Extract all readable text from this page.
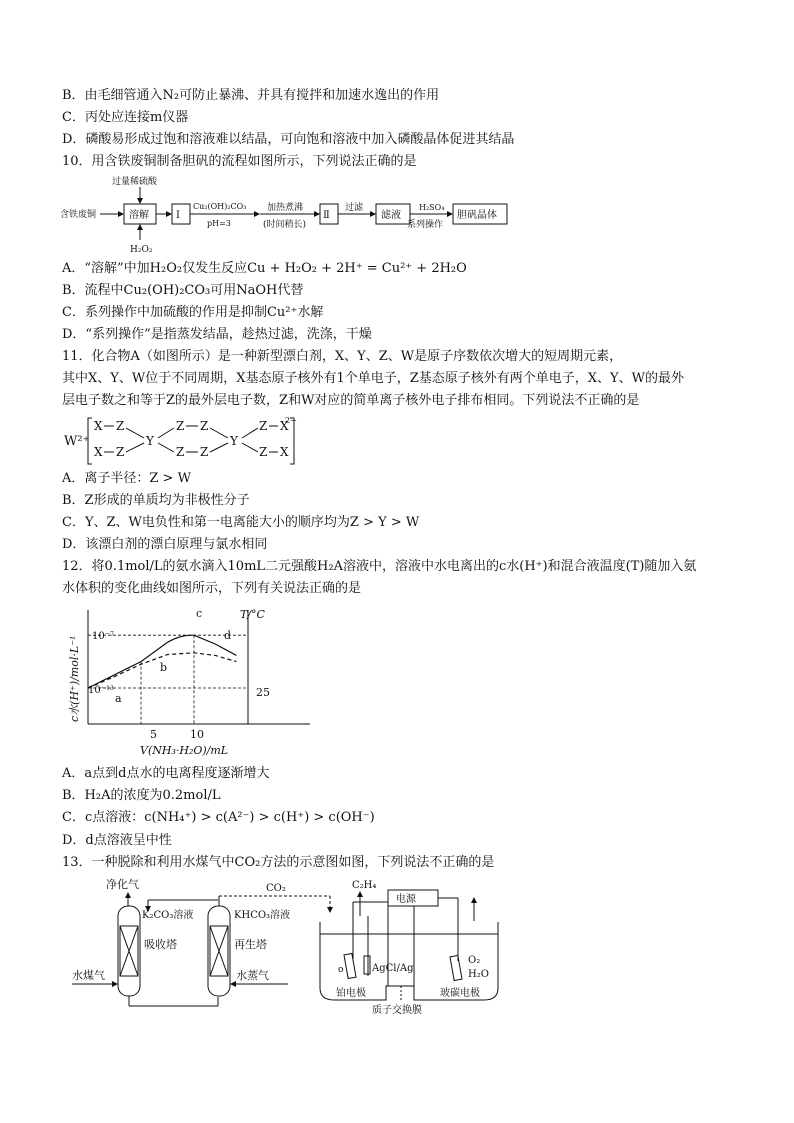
B．由毛细管通入N₂可防止暴沸、并具有搅拌和加速水逸出的作用
C．丙处应连接m仪器
D．磷酸易形成过饱和溶液难以结晶，可向饱和溶液中加入磷酸晶体促进其结晶
10．用含铁废铜制备胆矾的流程如图所示，下列说法正确的是
含铁废铜
过量稀硫酸
溶解
H₂O₂
Ⅰ
Cu₂(OH)₂CO₃
pH=3
加热煮沸
(时间稍长)
Ⅱ
过滤
滤液
H₂SO₄
系列操作
胆矾晶体
A．“溶解”中加H₂O₂仅发生反应Cu + H₂O₂ + 2H⁺ = Cu²⁺ + 2H₂O
B．流程中Cu₂(OH)₂CO₃可用NaOH代替
C．系列操作中加硫酸的作用是抑制Cu²⁺水解
D．“系列操作”是指蒸发结晶，趁热过滤，洗涤，干燥
11．化合物A（如图所示）是一种新型漂白剂，X、Y、Z、W是原子序数依次增大的短周期元素，
其中X、Y、W位于不同周期，X基态原子核外有1个单电子，Z基态原子核外有两个单电子，X、Y、W的最外
层电子数之和等于Z的最外层电子数，Z和W对应的简单离子核外电子排布相同。下列说法不正确的是
W²⁺
X Z
X Z
Y
Z Z
Z Z
Y
Z X
Z X
2−
A．离子半径：Z > W
B．Z形成的单质均为非极性分子
C．Y、Z、W电负性和第一电离能大小的顺序均为Z > Y > W
D．该漂白剂的漂白原理与氯水相同
12．将0.1mol/L的氨水滴入10mL二元强酸H₂A溶液中，溶液中水电离出的c水(H⁺)和混合液温度(T)随加入氨
水体积的变化曲线如图所示，下列有关说法正确的是
T/°C
c水(H⁺)/mol·L⁻¹ 10⁻⁷
10⁻¹³	25
5	10
V(NH₃·H₂O)/mL
a
b
c
d
A．a点到d点水的电离程度逐渐增大
B．H₂A的浓度为0.2mol/L
C．c点溶液：c(NH₄⁺) > c(A²⁻) > c(H⁺) > c(OH⁻)
D．d点溶液呈中性
13．一种脱除和利用水煤气中CO₂方法的示意图如图，下列说法不正确的是
净化气
吸收塔
K₂CO₃溶液
水煤气
再生塔
KHCO₃溶液
水蒸气
CO₂
电源
C₂H₄
o	AgCl/Ag
O₂
H₂O
铂电极	玻碳电极
质子交换膜
